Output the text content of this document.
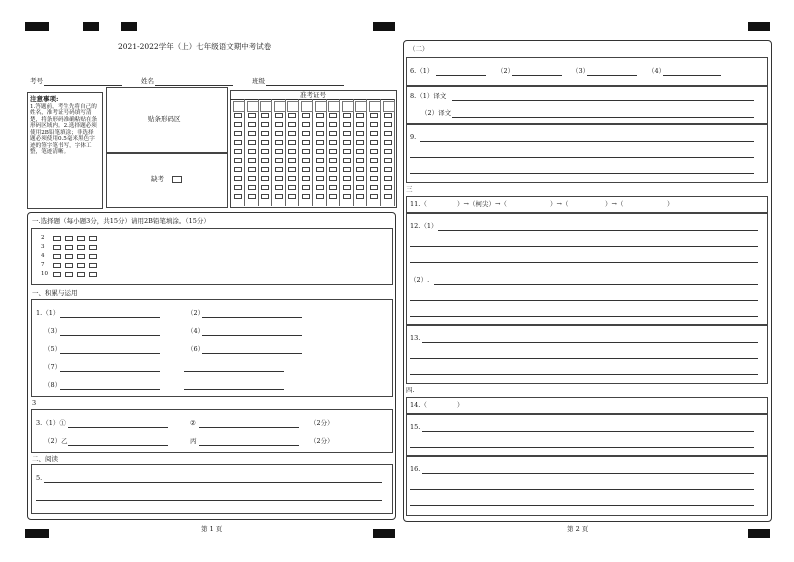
2021-2022学年（上）七年级语文期中考试卷
考号	姓名	班级
注意事项:
1.答题前，考生先将自己的姓名，准考证号码填写清楚，将条形码准确粘贴在条形码区域内。2.选择题必须使用2B铅笔填涂；非选择题必须使用0.5毫米黑色字迹的签字笔书写，字体工整，笔迹清晰。
贴条形码区
缺考
准考证号
一.选择题（每小题3分，共15分）请用2B铅笔填涂。（15分）
2
3
4
7
10
一、积累与运用
1.（1）	（2）
（3）	（4）
（5）	（6）
（7）
（8）
3
3.（1）①	②	（2分）
（2）乙	丙	（2分）
二、阅读
5.
第 1 页
（二）
6.（1）	（2）	（3）	（4）
8.（1）译文
（2）译文
9.
三
11.（	）→（柯尖）→（	）→（	）→（	）
12.（1）
（2）.
13.
四.
14.（	）
15.
16.
第 2 页
